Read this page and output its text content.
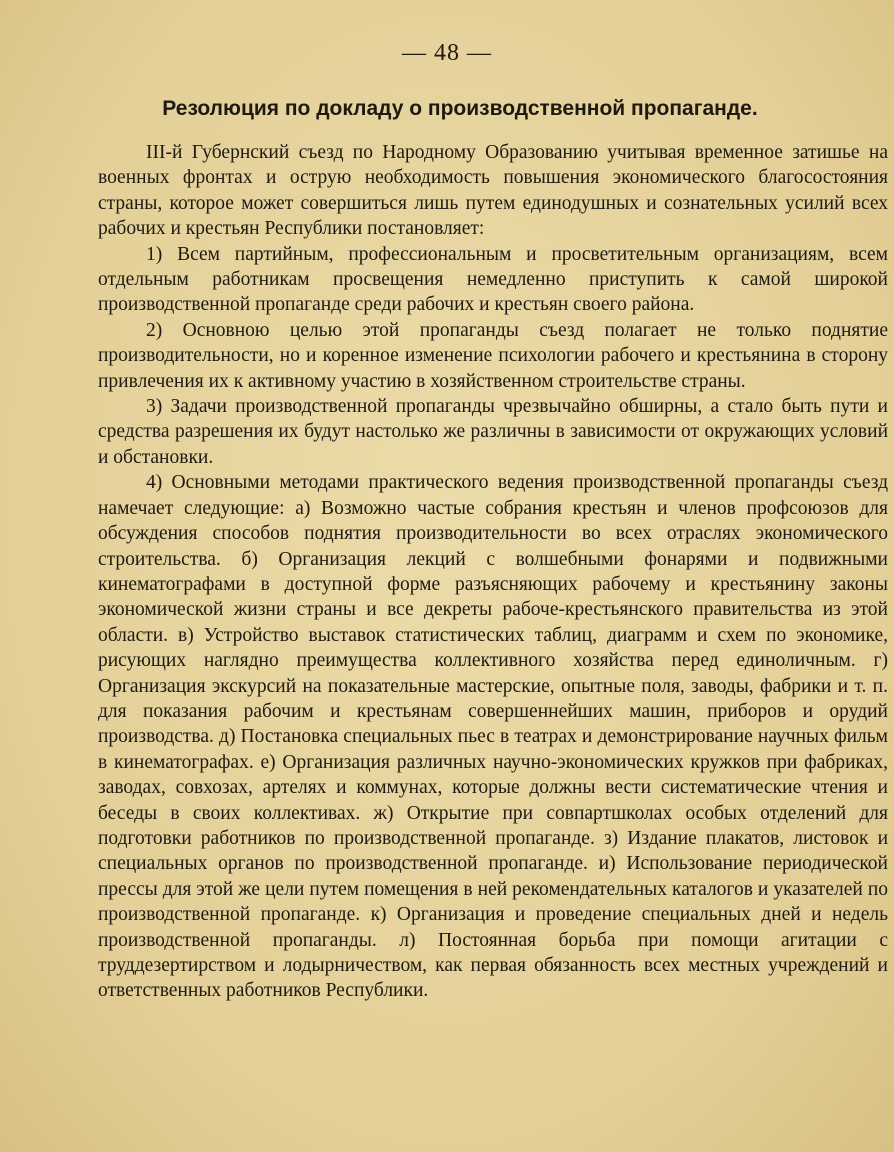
— 48 —
Резолюция по докладу о производственной пропаганде.

III-й Губернский съезд по Народному Образованию учитывая временное затишье на военных фронтах и острую необходимость повышения экономического благосостояния страны, которое может совершиться лишь путем единодушных и сознательных усилий всех рабочих и крестьян Республики постановляет:

1) Всем партийным, профессиональным и просветительным организациям, всем отдельным работникам просвещения немедленно приступить к самой широкой производственной пропаганде среди рабочих и крестьян своего района.

2) Основною целью этой пропаганды съезд полагает не только поднятие производительности, но и коренное изменение психологии рабочего и крестьянина в сторону привлечения их к активному участию в хозяйственном строительстве страны.

3) Задачи производственной пропаганды чрезвычайно обширны, а стало быть пути и средства разрешения их будут настолько же различны в зависимости от окружающих условий и обстановки.

4) Основными методами практического ведения производственной пропаганды съезд намечает следующие: а) Возможно частые собрания крестьян и членов профсоюзов для обсуждения способов поднятия производительности во всех отраслях экономического строительства. б) Организация лекций с волшебными фонарями и подвижными кинематографами в доступной форме разъясняющих рабочему и крестьянину законы экономической жизни страны и все декреты рабоче-крестьянского правительства из этой области. в) Устройство выставок статистических таблиц, диаграмм и схем по экономике, рисующих наглядно преимущества коллективного хозяйства перед единоличным. г) Организация экскурсий на показательные мастерские, опытные поля, заводы, фабрики и т. п. для показания рабочим и крестьянам совершеннейших машин, приборов и орудий производства. д) Постановка специальных пьес в театрах и демонстрирование научных фильм в кинематографах. е) Организация различных научно-экономических кружков при фабриках, заводах, совхозах, артелях и коммунах, которые должны вести систематические чтения и беседы в своих коллективах. ж) Открытие при совпартшколах особых отделений для подготовки работников по производственной пропаганде. з) Издание плакатов, листовок и специальных органов по производственной пропаганде. и) Использование периодической прессы для этой же цели путем помещения в ней рекомендательных каталогов и указателей по производственной пропаганде. к) Организация и проведение специальных дней и недель производственной пропаганды. л) Постоянная борьба при помощи агитации с труддезертирством и лодырничеством, как первая обязанность всех местных учреждений и ответственных работников Республики.
